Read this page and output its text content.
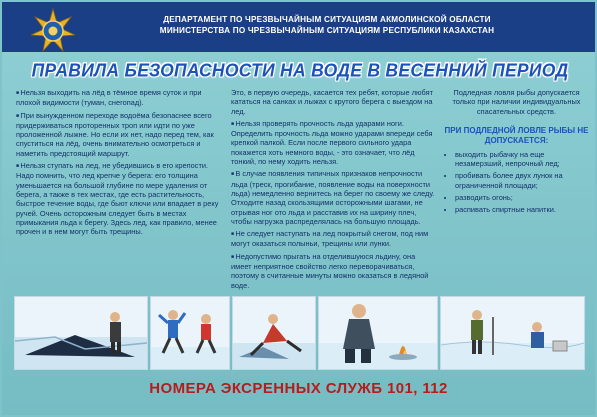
ДЕПАРТАМЕНТ ПО ЧРЕЗВЫЧАЙНЫМ СИТУАЦИЯМ АКМОЛИНСКОЙ ОБЛАСТИ
МИНИСТЕРСТВА ПО ЧРЕЗВЫЧАЙНЫМ СИТУАЦИЯМ РЕСПУБЛИКИ КАЗАХСТАН
ПРАВИЛА БЕЗОПАСНОСТИ НА ВОДЕ В ВЕСЕННИЙ ПЕРИОД

■ Нельзя выходить на лёд в тёмное время суток и при плохой видимости (туман, снегопад).

■ При вынужденном переходе водоёма безопаснее всего придерживаться проторенных троп или идти по уже проложенной лыжне. Но если их нет, надо перед тем, как спуститься на лёд, очень внимательно осмотреться и наметить предстоящий маршрут.

■ Нельзя ступать на лед, не убедившись в его крепости. Надо помнить, что лед крепче у берега: его толщина уменьшается на большой глубине по мере удаления от берега, а также в тех местах, где есть растительность, быстрое течение воды, где бьют ключи или впадает в реку ручей. Очень осторожным следует быть в местах примыкания льда к берегу. Здесь лед, как правило, менее прочен и в нем могут быть трещины.

Это, в первую очередь, касается тех ребят, которые любят кататься на санках и лыжах с крутого берега с выездом на лед.

■ Нельзя проверять прочность льда ударами ноги. Определить прочность льда можно ударами впереди себя крепкой палкой. Если после первого сильного удара покажется хоть немного воды, - это означает, что лёд тонкий, по нему ходить нельзя.

■ В случае появления типичных признаков непрочности льда (треск, прогибание, появление воды на поверхности льда) немедленно вернитесь на берег по своему же следу. Отходите назад скользящими осторожными шагами, не отрывая ног ото льда и расставив их на ширину плеч, чтобы нагрузка распределялась на большую площадь.

■ Не следует наступать на лед покрытый снегом, под ним могут оказаться полыньи, трещины или лунки.

■ Недопустимо прыгать на отделившуюся льдину, она имеет неприятное свойство легко переворачиваться, поэтому в считанные минуты можно оказаться в ледяной воде.

Подледная ловля рыбы допускается только при наличии индивидуальных спасательных средств.

ПРИ ПОДЛЕДНОЙ ЛОВЛЕ РЫБЫ НЕ ДОПУСКАЕТСЯ:
• выходить рыбачку на еще незамерзший, непрочный лед;
• пробивать более двух лунок на ограниченной площади;
• разводить огонь;
• распивать спиртные напитки.
НОМЕРА ЭКСРЕННЫХ СЛУЖБ 101, 112
